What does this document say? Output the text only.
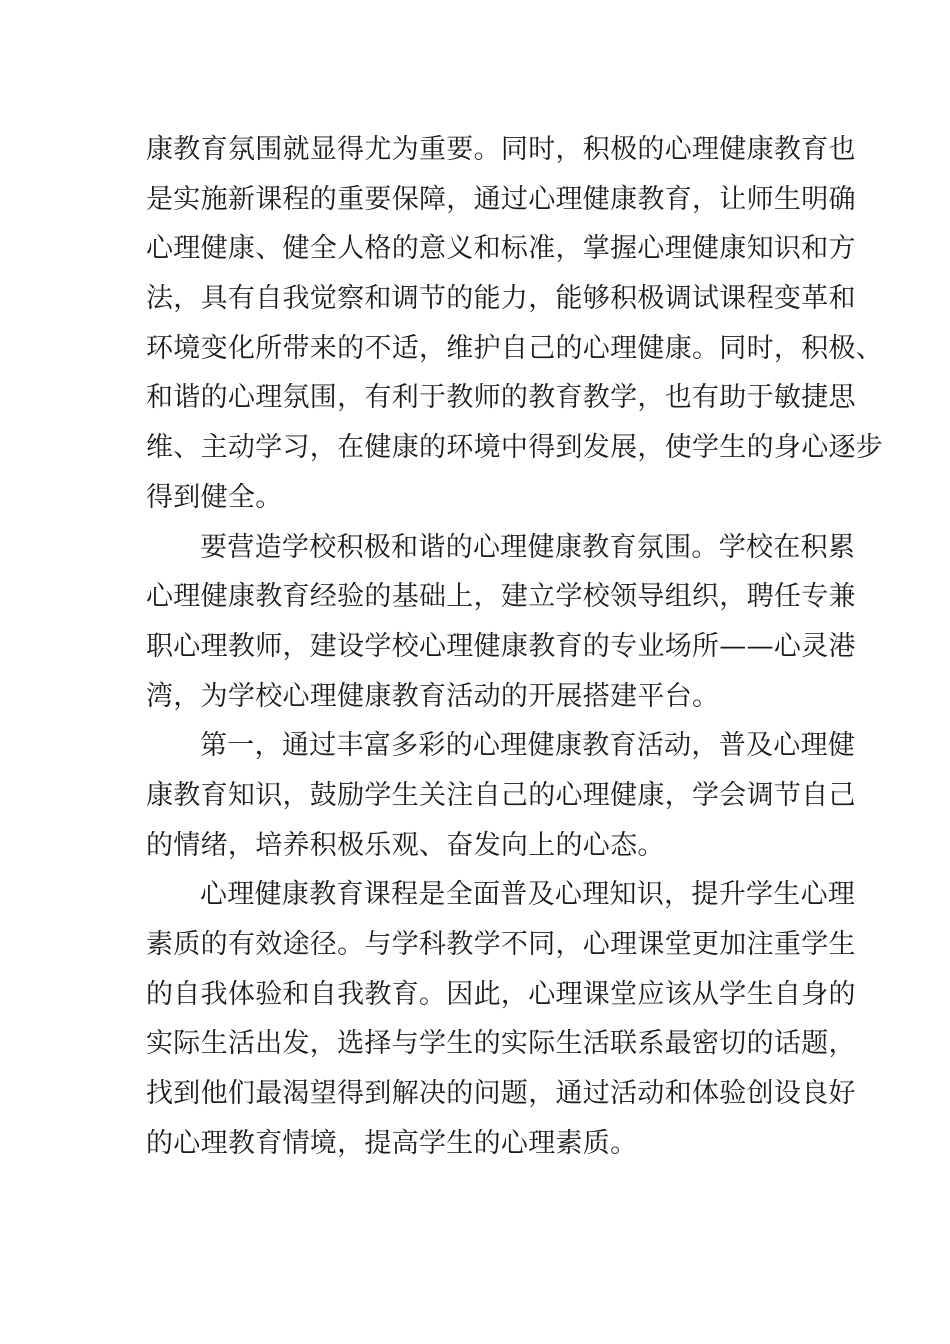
康教育氛围就显得尤为重要。同时，积极的心理健康教育也
是实施新课程的重要保障，通过心理健康教育，让师生明确
心理健康、健全人格的意义和标准，掌握心理健康知识和方
法，具有自我觉察和调节的能力，能够积极调试课程变革和
环境变化所带来的不适，维护自己的心理健康。同时，积极、
和谐的心理氛围，有利于教师的教育教学，也有助于敏捷思
维、主动学习，在健康的环境中得到发展，使学生的身心逐步
得到健全。
要营造学校积极和谐的心理健康教育氛围。学校在积累
心理健康教育经验的基础上，建立学校领导组织，聘任专兼
职心理教师，建设学校心理健康教育的专业场所——心灵港
湾，为学校心理健康教育活动的开展搭建平台。
第一，通过丰富多彩的心理健康教育活动，普及心理健
康教育知识，鼓励学生关注自己的心理健康，学会调节自己
的情绪，培养积极乐观、奋发向上的心态。
心理健康教育课程是全面普及心理知识，提升学生心理
素质的有效途径。与学科教学不同，心理课堂更加注重学生
的自我体验和自我教育。因此，心理课堂应该从学生自身的
实际生活出发，选择与学生的实际生活联系最密切的话题，
找到他们最渴望得到解决的问题，通过活动和体验创设良好
的心理教育情境，提高学生的心理素质。
